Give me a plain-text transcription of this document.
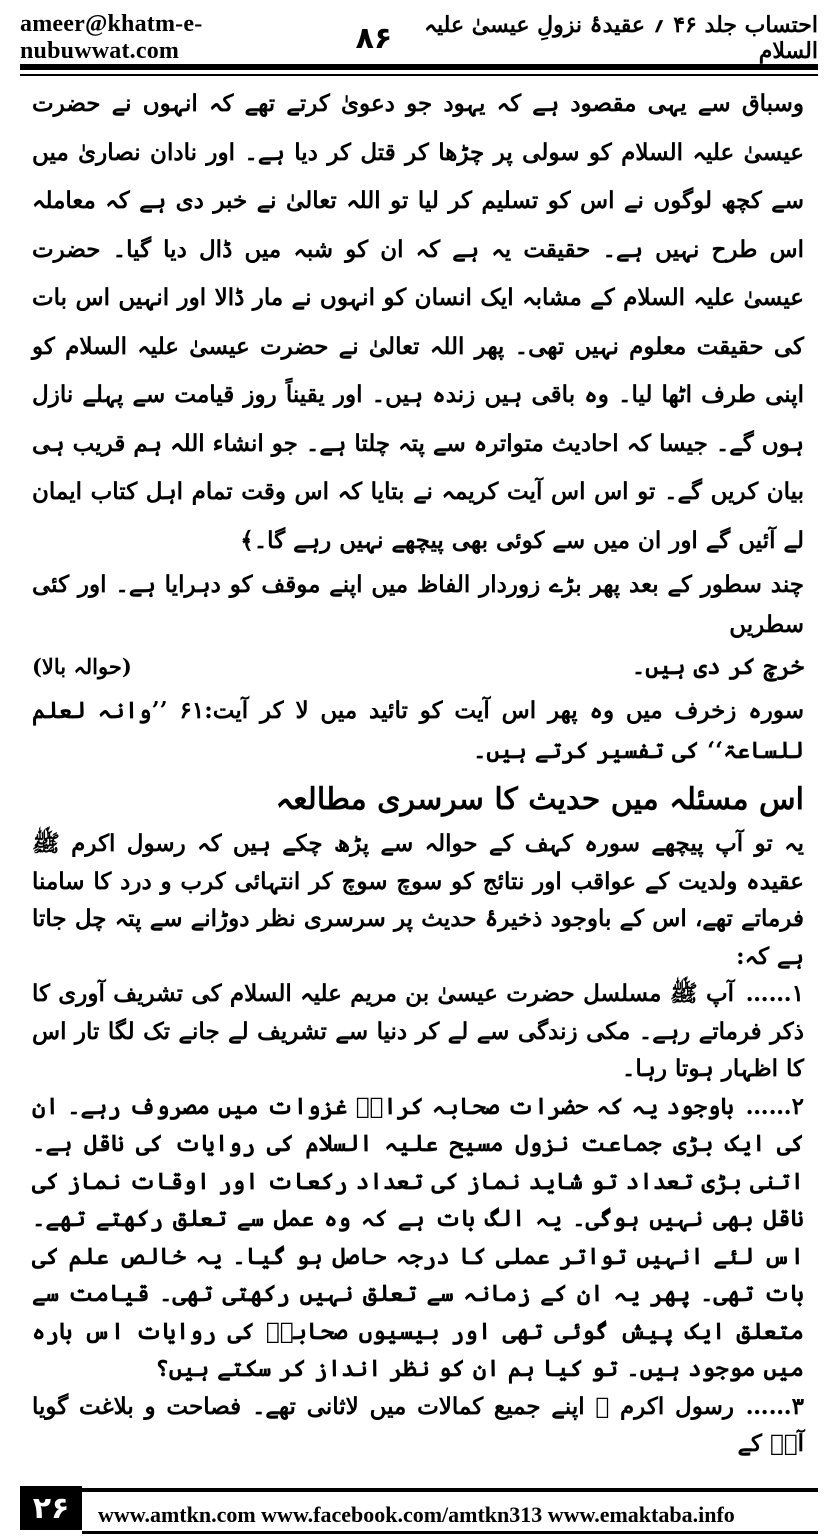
ameer@khatm-e-nubuwwat.com	۸۶	احتساب جلد ۴۶ ؍ عقیدۂ نزولِ عیسیٰ علیہ السلام

وسباق سے یہی مقصود ہے کہ یہود جو دعویٰ کرتے تھے کہ انہوں نے حضرت عیسیٰ علیہ السلام کو سولی پر چڑھا کر قتل کر دیا ہے۔ اور نادان نصاریٰ میں سے کچھ لوگوں نے اس کو تسلیم کر لیا تو اللہ تعالیٰ نے خبر دی ہے کہ معاملہ اس طرح نہیں ہے۔ حقیقت یہ ہے کہ ان کو شبہ میں ڈال دیا گیا۔ حضرت عیسیٰ علیہ السلام کے مشابہ ایک انسان کو انہوں نے مار ڈالا اور انہیں اس بات کی حقیقت معلوم نہیں تھی۔ پھر اللہ تعالیٰ نے حضرت عیسیٰ علیہ السلام کو اپنی طرف اٹھا لیا۔ وہ باقی ہیں زندہ ہیں۔ اور یقیناً روز قیامت سے پہلے نازل ہوں گے۔ جیسا کہ احادیث متواترہ سے پتہ چلتا ہے۔ جو انشاء اللہ ہم قریب ہی بیان کریں گے۔ تو اس اس آیت کریمہ نے بتایا کہ اس وقت تمام اہل کتاب ایمان لے آئیں گے اور ان میں سے کوئی بھی پیچھے نہیں رہے گا۔﴾

چند سطور کے بعد پھر بڑے زوردار الفاظ میں اپنے موقف کو دہرایا ہے۔ اور کئی سطریں

خرچ کر دی ہیں۔
(حوالہ بالا)

سورہ زخرف میں وہ پھر اس آیت کو تائید میں لا کر آیت:۶۱ ’’وانہ لعلم للساعۃ‘‘ کی تفسیر کرتے ہیں۔

اس مسئلہ میں حدیث کا سرسری مطالعہ

یہ تو آپ پیچھے سورہ کہف کے حوالہ سے پڑھ چکے ہیں کہ رسول اکرم ﷺ عقیدہ ولدیت کے عواقب اور نتائج کو سوچ سوچ کر انتہائی کرب و درد کا سامنا فرماتے تھے، اس کے باوجود ذخیرۂ حدیث پر سرسری نظر دوڑانے سے پتہ چل جاتا ہے کہ:

۱……آپ ﷺ مسلسل حضرت عیسیٰ بن مریم علیہ السلام کی تشریف آوری کا ذکر فرماتے رہے۔ مکی زندگی سے لے کر دنیا سے تشریف لے جانے تک لگا تار اس کا اظہار ہوتا رہا۔

۲……باوجود یہ کہ حضرات صحابہ کرامؓ غزوات میں مصروف رہے۔ ان کی ایک بڑی جماعت نزول مسیح علیہ السلام کی روایات کی ناقل ہے۔ اتنی بڑی تعداد تو شاید نماز کی تعداد رکعات اور اوقات نماز کی ناقل بھی نہیں ہوگی۔ یہ الگ بات ہے کہ وہ عمل سے تعلق رکھتے تھے۔ اس لئے انہیں تواتر عملی کا درجہ حاصل ہو گیا۔ یہ خالص علم کی بات تھی۔ پھر یہ ان کے زمانہ سے تعلق نہیں رکھتی تھی۔ قیامت سے متعلق ایک پیش گوئی تھی اور بیسیوں صحابہؓ کی روایات اس بارہ میں موجود ہیں۔ تو کیا ہم ان کو نظر انداز کر سکتے ہیں؟

۳……رسول اکرم ﷺ اپنے جمیع کمالات میں لاثانی تھے۔ فصاحت و بلاغت گویا آپؐ کے

۲۶	www.amtkn.com www.facebook.com/amtkn313 www.emaktaba.info
